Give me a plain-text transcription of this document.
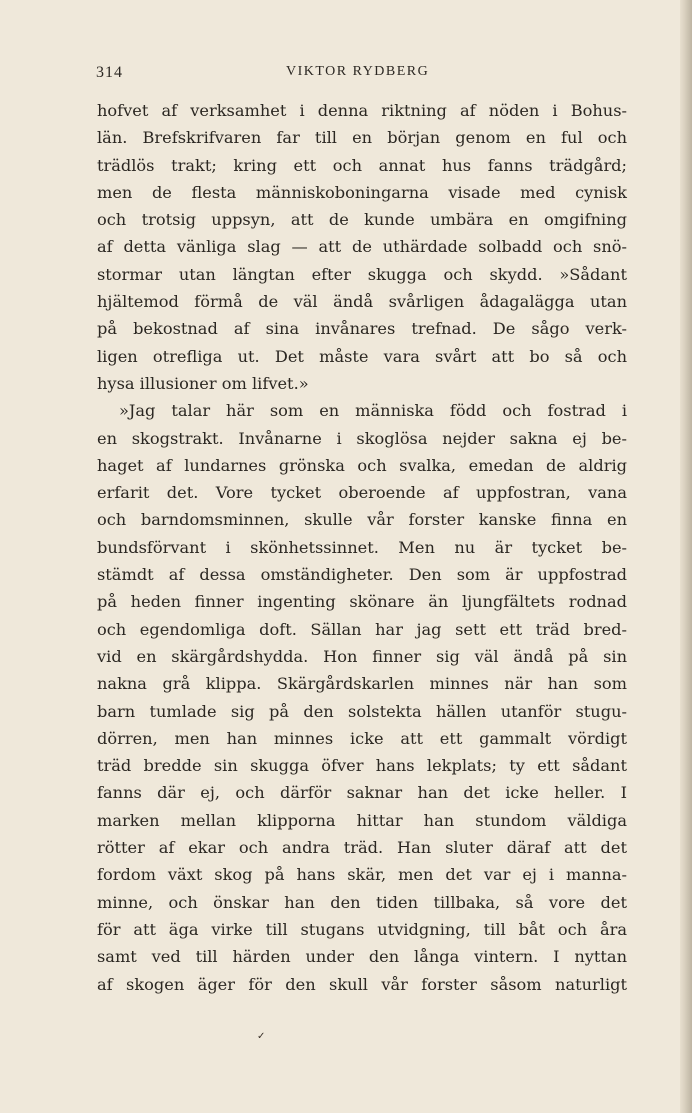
314	VIKTOR RYDBERG
hofvet af verksamhet i denna riktning af nöden i Bohus-
län. Brefskrifvaren far till en början genom en ful och
trädlös trakt; kring ett och annat hus fanns trädgård;
men de flesta människoboningarna visade med cynisk
och trotsig uppsyn, att de kunde umbära en omgifning
af detta vänliga slag — att de uthärdade solbadd och snö-
stormar utan längtan efter skugga och skydd. »Sådant
hjältemod förmå de väl ändå svårligen ådagalägga utan
på bekostnad af sina invånares trefnad. De sågo verk-
ligen otrefliga ut. Det måste vara svårt att bo så och
hysa illusioner om lifvet.»
»Jag talar här som en människa född och fostrad i
en skogstrakt. Invånarne i skoglösa nejder sakna ej be-
haget af lundarnes grönska och svalka, emedan de aldrig
erfarit det. Vore tycket oberoende af uppfostran, vana
och barndomsminnen, skulle vår forster kanske finna en
bundsförvant i skönhetssinnet. Men nu är tycket be-
stämdt af dessa omständigheter. Den som är uppfostrad
på heden finner ingenting skönare än ljungfältets rodnad
och egendomliga doft. Sällan har jag sett ett träd bred-
vid en skärgårdshydda. Hon finner sig väl ändå på sin
nakna grå klippa. Skärgårdskarlen minnes när han som
barn tumlade sig på den solstekta hällen utanför stugu-
dörren, men han minnes icke att ett gammalt vördigt
träd bredde sin skugga öfver hans lekplats; ty ett sådant
fanns där ej, och därför saknar han det icke heller. I
marken mellan klipporna hittar han stundom väldiga
rötter af ekar och andra träd. Han sluter däraf att det
fordom växt skog på hans skär, men det var ej i manna-
minne, och önskar han den tiden tillbaka, så vore det
för att äga virke till stugans utvidgning, till båt och åra
samt ved till härden under den långa vintern. I nyttan
af skogen äger för den skull vår forster såsom naturligt
✓
